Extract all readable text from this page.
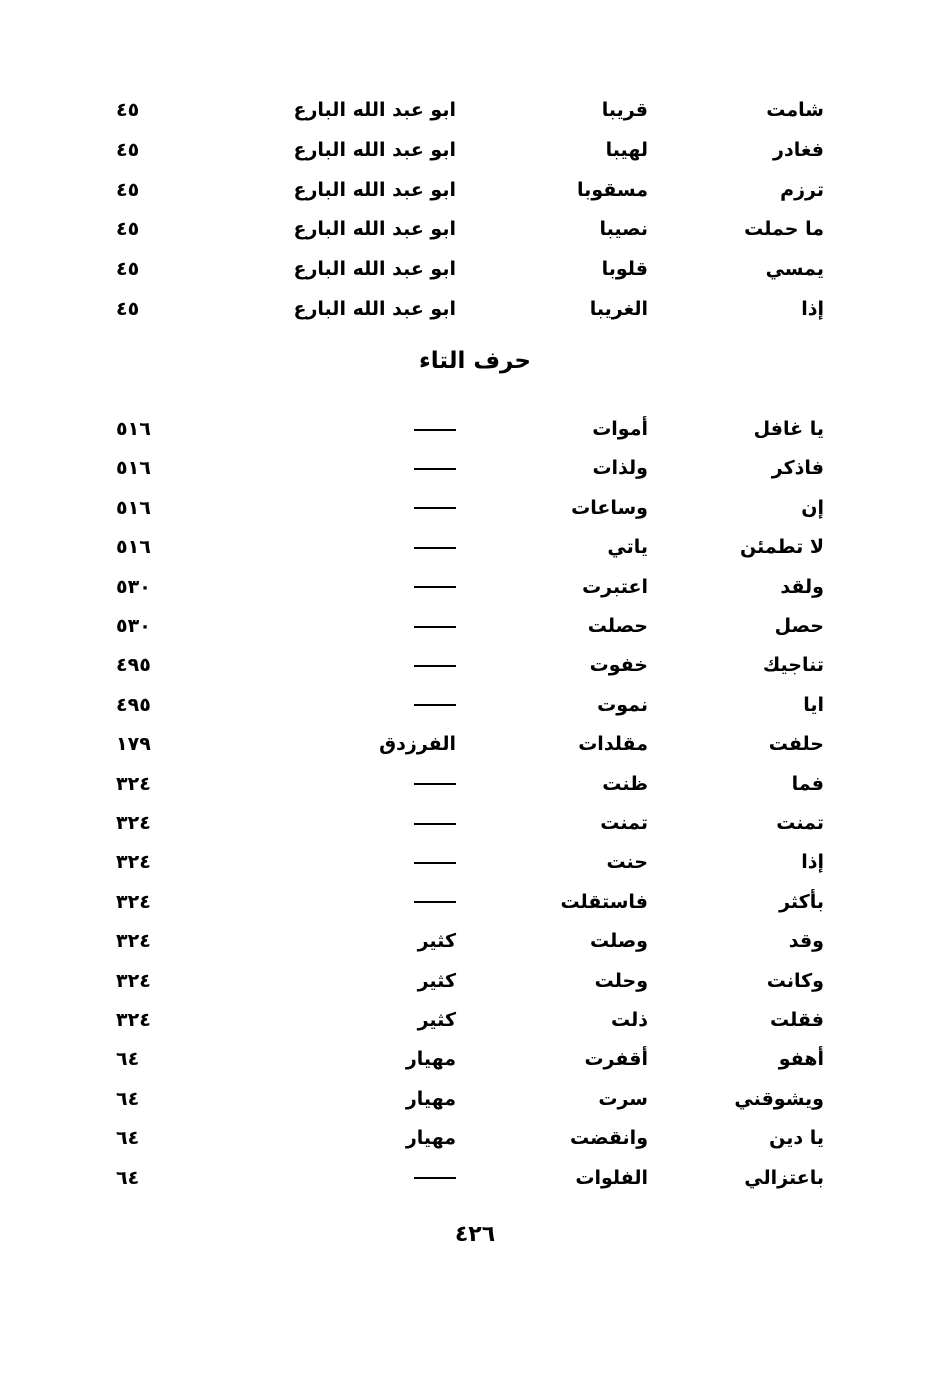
شامت
قريبا
ابو عبد الله البارع
٤٥
فغادر
لهيبا
ابو عبد الله البارع
٤٥
ترزم
مسقوبا
ابو عبد الله البارع
٤٥
ما حملت
نصيبا
ابو عبد الله البارع
٤٥
يمسي
قلوبا
ابو عبد الله البارع
٤٥
إذا
الغريبا
ابو عبد الله البارع
٤٥
حرف التاء
يا غافل
أموات
٥١٦
فاذكر
ولذات
٥١٦
إن
وساعات
٥١٦
لا تطمئن
ياتي
٥١٦
ولقد
اعتبرت
٥٣٠
حصل
حصلت
٥٣٠
تناجيك
خفوت
٤٩٥
ايا
نموت
٤٩٥
حلفت
مقلدات
الفرزدق
١٧٩
فما
ظنت
٣٢٤
تمنت
تمنت
٣٢٤
إذا
حنت
٣٢٤
بأكثر
فاستقلت
٣٢٤
وقد
وصلت
كثير
٣٢٤
وكانت
وحلت
كثير
٣٢٤
فقلت
ذلت
كثير
٣٢٤
أهفو
أقفرت
مهيار
٦٤
ويشوقني
سرت
مهيار
٦٤
يا دين
وانقضت
مهيار
٦٤
باعتزالي
الفلوات
٦٤
٤٢٦
